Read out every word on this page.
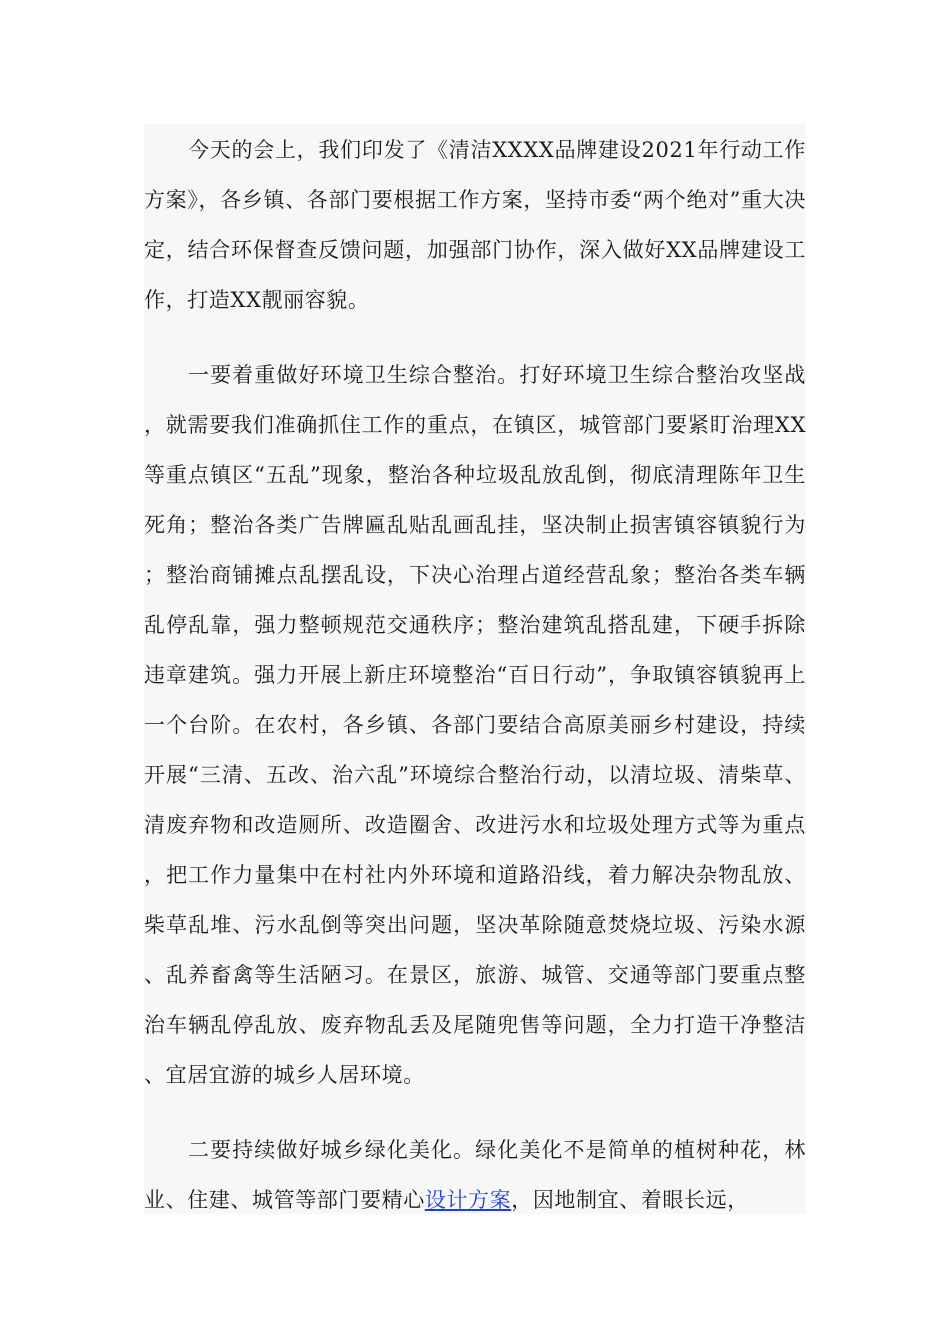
今天的会上，我们印发了《清洁XXXX品牌建设2021年行动工作方案》，各乡镇、各部门要根据工作方案，坚持市委“两个绝对”重大决定，结合环保督查反馈问题，加强部门协作，深入做好XX品牌建设工作，打造XX靓丽容貌。

一要着重做好环境卫生综合整治。打好环境卫生综合整治攻坚战，就需要我们准确抓住工作的重点，在镇区，城管部门要紧盯治理XX等重点镇区“五乱”现象，整治各种垃圾乱放乱倒，彻底清理陈年卫生死角；整治各类广告牌匾乱贴乱画乱挂，坚决制止损害镇容镇貌行为；整治商铺摊点乱摆乱设，下决心治理占道经营乱象；整治各类车辆乱停乱靠，强力整顿规范交通秩序；整治建筑乱搭乱建，下硬手拆除违章建筑。强力开展上新庄环境整治“百日行动”，争取镇容镇貌再上一个台阶。在农村，各乡镇、各部门要结合高原美丽乡村建设，持续开展“三清、五改、治六乱”环境综合整治行动，以清垃圾、清柴草、清废弃物和改造厕所、改造圈舍、改进污水和垃圾处理方式等为重点，把工作力量集中在村社内外环境和道路沿线，着力解决杂物乱放、柴草乱堆、污水乱倒等突出问题，坚决革除随意焚烧垃圾、污染水源、乱养畜禽等生活陋习。在景区，旅游、城管、交通等部门要重点整治车辆乱停乱放、废弃物乱丢及尾随兜售等问题，全力打造干净整洁、宜居宜游的城乡人居环境。

二要持续做好城乡绿化美化。绿化美化不是简单的植树种花，林业、住建、城管等部门要精心设计方案，因地制宜、着眼长远，
